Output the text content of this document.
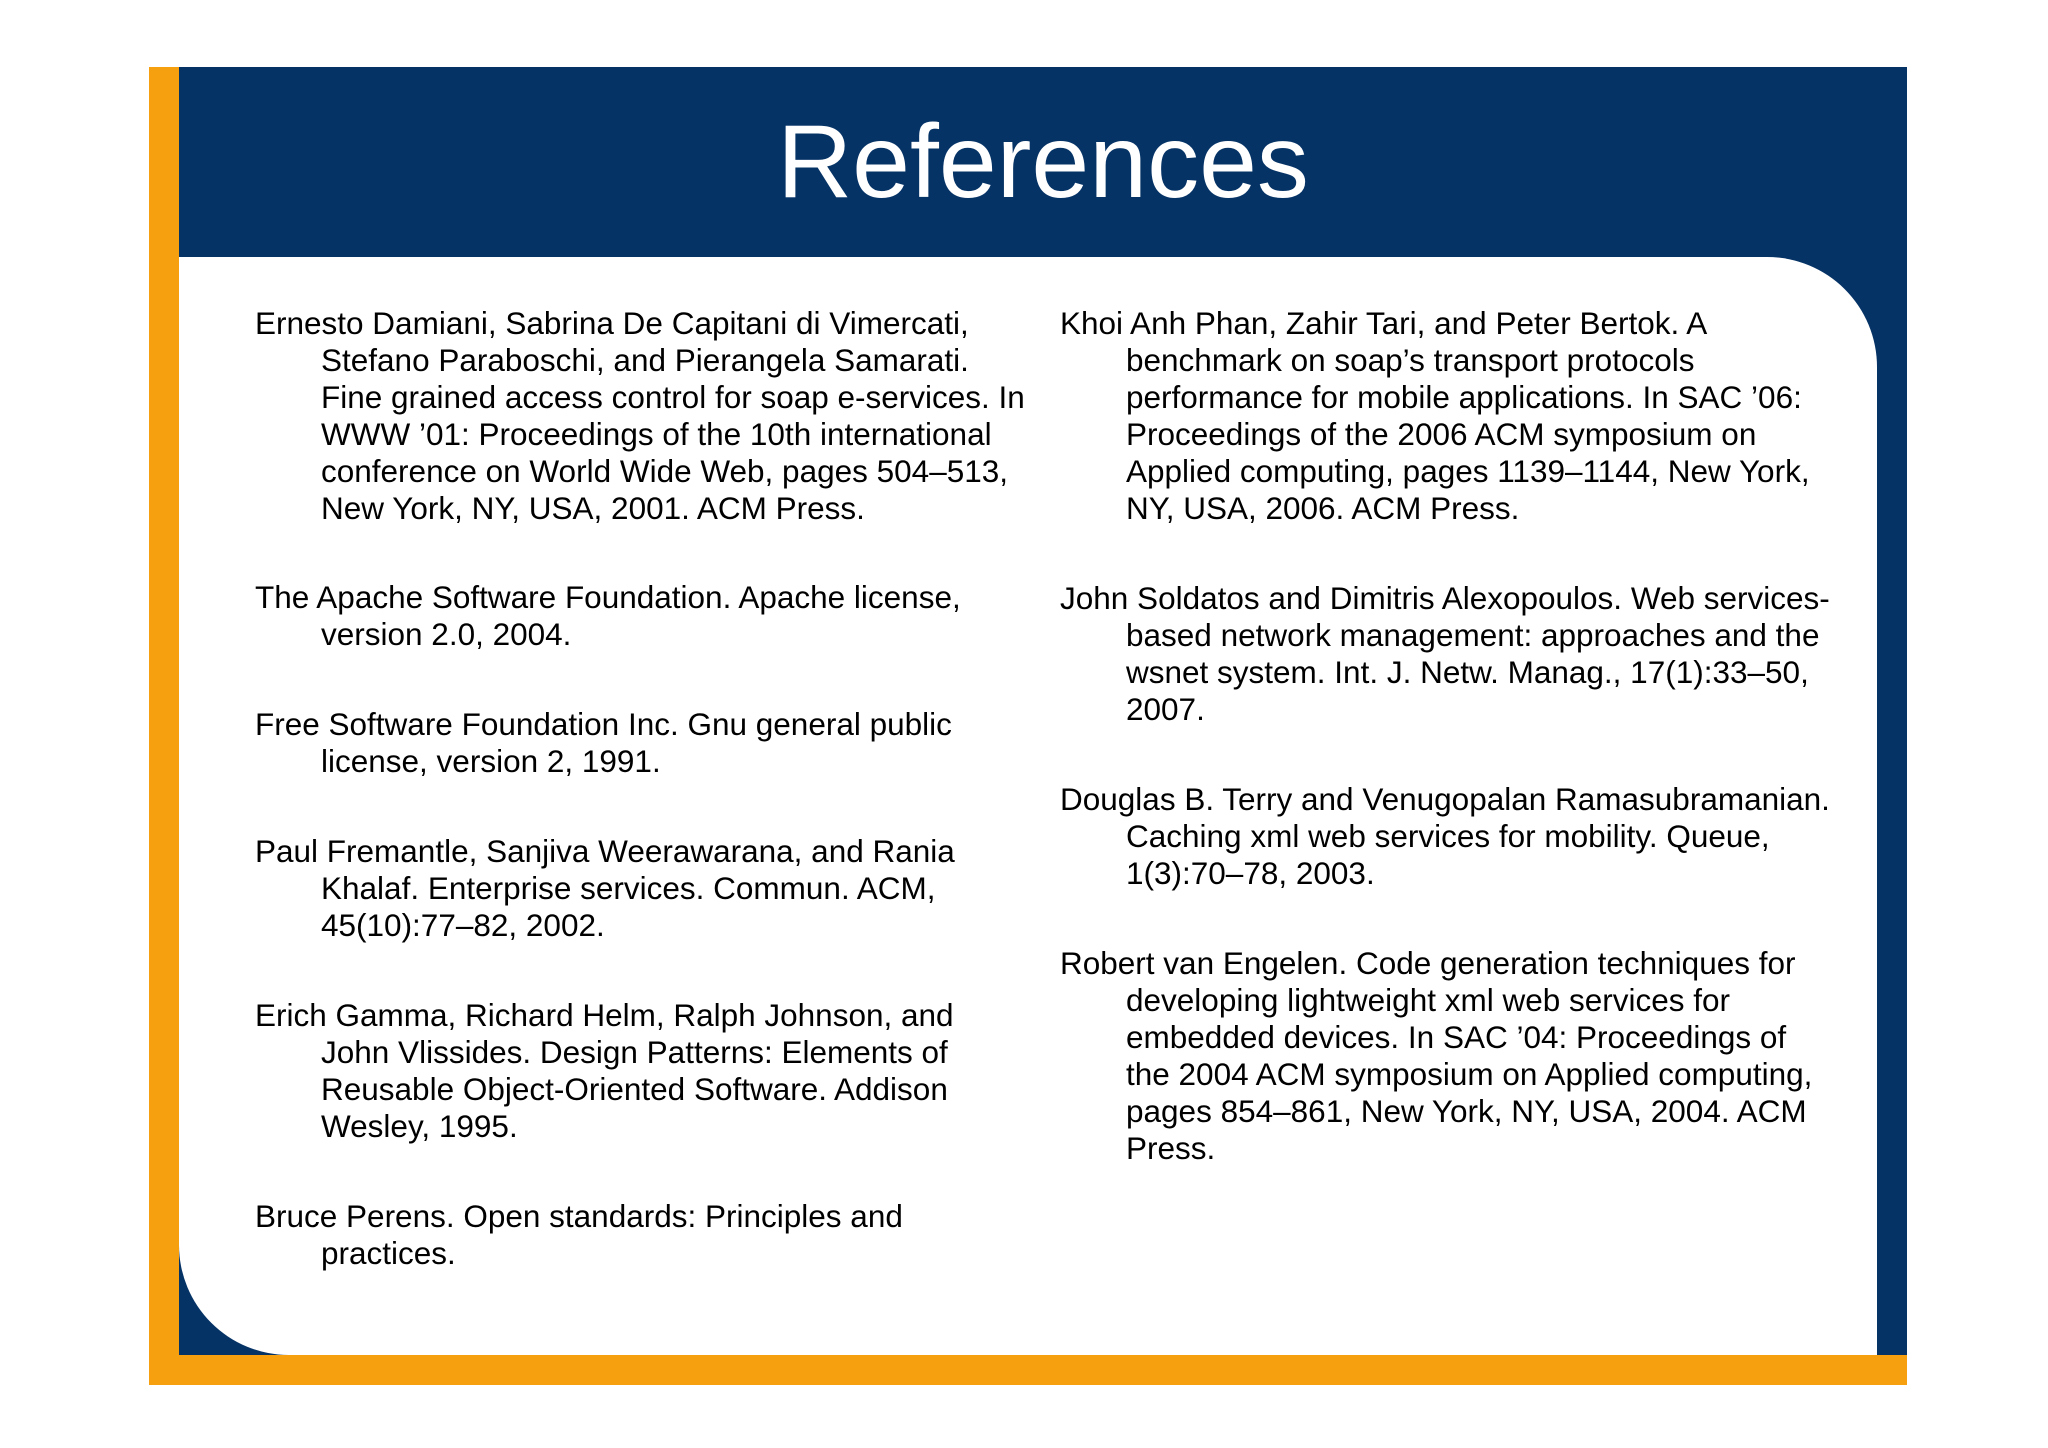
References

Ernesto Damiani, Sabrina De Capitani di Vimercati, Stefano Paraboschi, and Pierangela Samarati. Fine grained access control for soap e-services. In WWW ’01: Proceedings of the 10th international conference on World Wide Web, pages 504–513, New York, NY, USA, 2001. ACM Press.

The Apache Software Foundation. Apache license, version 2.0, 2004.

Free Software Foundation Inc. Gnu general public license, version 2, 1991.

Paul Fremantle, Sanjiva Weerawarana, and Rania Khalaf. Enterprise services. Commun. ACM, 45(10):77–82, 2002.

Erich Gamma, Richard Helm, Ralph Johnson, and John Vlissides. Design Patterns: Elements of Reusable Object-Oriented Software. Addison Wesley, 1995.

Bruce Perens. Open standards: Principles and practices.

Khoi Anh Phan, Zahir Tari, and Peter Bertok. A benchmark on soap’s transport protocols performance for mobile applications. In SAC ’06: Proceedings of the 2006 ACM symposium on Applied computing, pages 1139–1144, New York, NY, USA, 2006. ACM Press.

John Soldatos and Dimitris Alexopoulos. Web services-based network management: approaches and the wsnet system. Int. J. Netw. Manag., 17(1):33–50, 2007.

Douglas B. Terry and Venugopalan Ramasubramanian. Caching xml web services for mobility. Queue, 1(3):70–78, 2003.

Robert van Engelen. Code generation techniques for developing lightweight xml web services for embedded devices. In SAC ’04: Proceedings of the 2004 ACM symposium on Applied computing, pages 854–861, New York, NY, USA, 2004. ACM Press.
